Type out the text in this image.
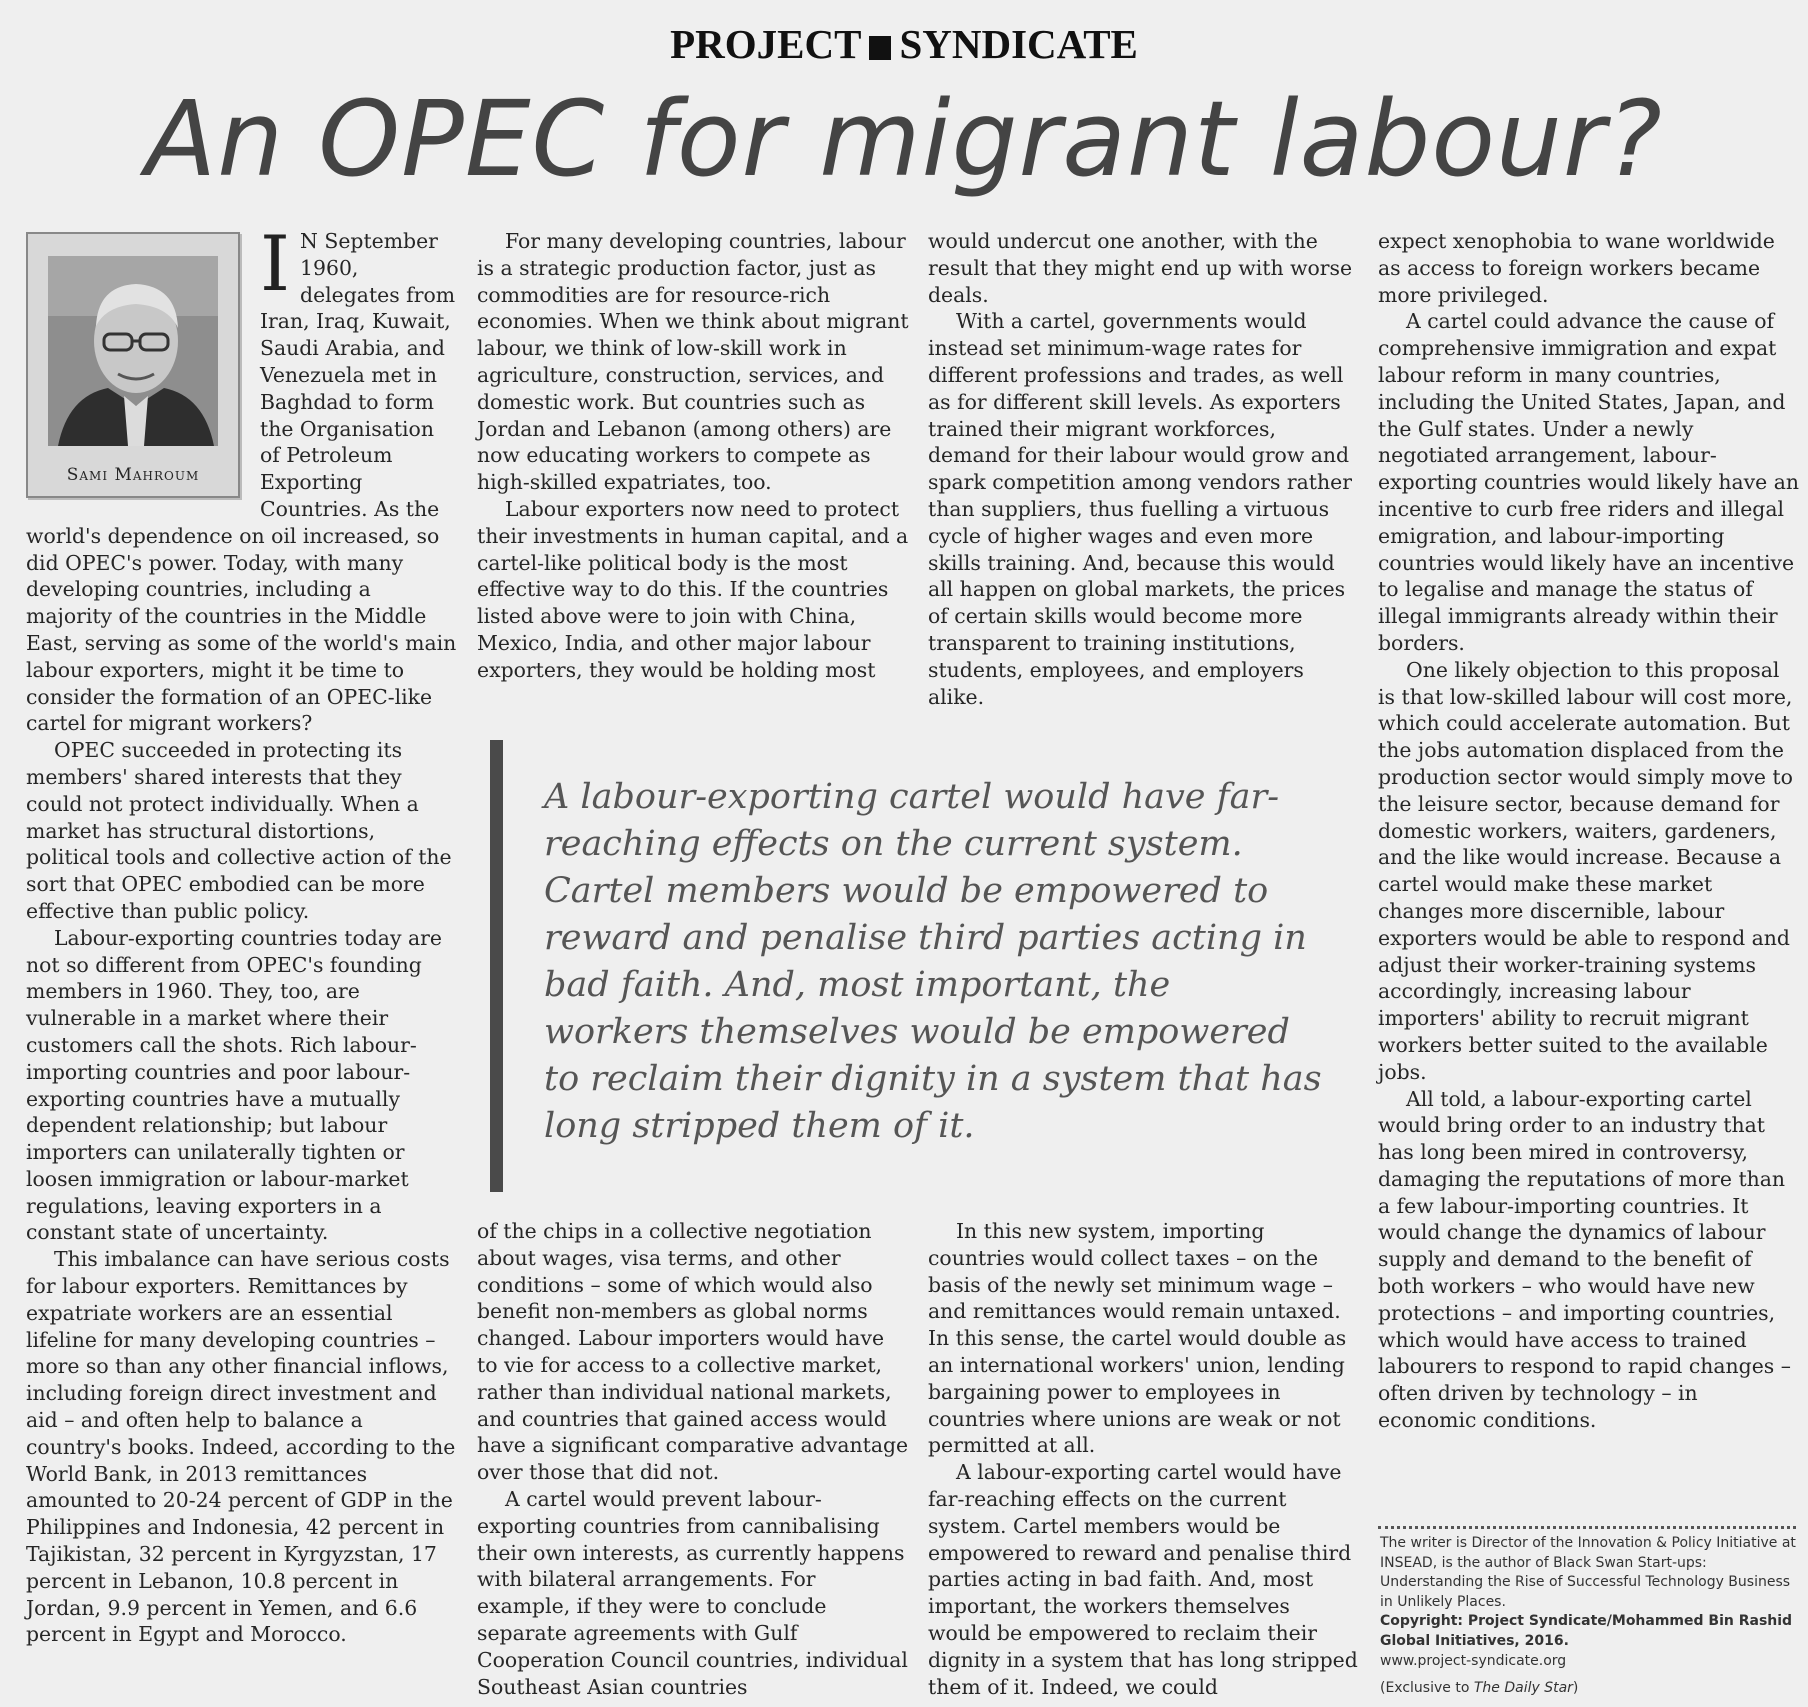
PROJECT SYNDICATE
An OPEC for migrant labour?
Sami Mahroum
I N September 1960, delegates from Iran, Iraq, Kuwait, Saudi Arabia, and Venezuela met in Baghdad to form the Organisation of Petroleum Exporting Countries. As the world's dependence on oil increased, so did OPEC's power. Today, with many developing countries, including a majority of the countries in the Middle East, serving as some of the world's main labour exporters, might it be time to consider the formation of an OPEC-like cartel for migrant workers?

OPEC succeeded in protecting its members' shared interests that they could not protect individually. When a market has structural distortions, political tools and collective action of the sort that OPEC embodied can be more effective than public policy.

Labour-exporting countries today are not so different from OPEC's founding members in 1960. They, too, are vulnerable in a market where their customers call the shots. Rich labour-importing countries and poor labour-exporting countries have a mutually dependent relationship; but labour importers can unilaterally tighten or loosen immigration or labour-market regulations, leaving exporters in a constant state of uncertainty.

This imbalance can have serious costs for labour exporters. Remittances by expatriate workers are an essential lifeline for many developing countries – more so than any other financial inflows, including foreign direct investment and aid – and often help to balance a country's books. Indeed, according to the World Bank, in 2013 remittances amounted to 20-24 percent of GDP in the Philippines and Indonesia, 42 percent in Tajikistan, 32 percent in Kyrgyzstan, 17 percent in Lebanon, 10.8 percent in Jordan, 9.9 percent in Yemen, and 6.6 percent in Egypt and Morocco.

For many developing countries, labour is a strategic production factor, just as commodities are for resource-rich economies. When we think about migrant labour, we think of low-skill work in agriculture, construction, services, and domestic work. But countries such as Jordan and Lebanon (among others) are now educating workers to compete as high-skilled expatriates, too.

Labour exporters now need to protect their investments in human capital, and a cartel-like political body is the most effective way to do this. If the countries listed above were to join with China, Mexico, India, and other major labour exporters, they would be holding most

would undercut one another, with the result that they might end up with worse deals.

With a cartel, governments would instead set minimum-wage rates for different professions and trades, as well as for different skill levels. As exporters trained their migrant workforces, demand for their labour would grow and spark competition among vendors rather than suppliers, thus fuelling a virtuous cycle of higher wages and even more skills training. And, because this would all happen on global markets, the prices of certain skills would become more transparent to training institutions, students, employees, and employers alike.

A labour-exporting cartel would have far-reaching effects on the current system. Cartel members would be empowered to reward and penalise third parties acting in bad faith. And, most important, the workers themselves would be empowered to reclaim their dignity in a system that has long stripped them of it.

of the chips in a collective negotiation about wages, visa terms, and other conditions – some of which would also benefit non-members as global norms changed. Labour importers would have to vie for access to a collective market, rather than individual national markets, and countries that gained access would have a significant comparative advantage over those that did not.

A cartel would prevent labour-exporting countries from cannibalising their own interests, as currently happens with bilateral arrangements. For example, if they were to conclude separate agreements with Gulf Cooperation Council countries, individual Southeast Asian countries

In this new system, importing countries would collect taxes – on the basis of the newly set minimum wage – and remittances would remain untaxed. In this sense, the cartel would double as an international workers' union, lending bargaining power to employees in countries where unions are weak or not permitted at all.

A labour-exporting cartel would have far-reaching effects on the current system. Cartel members would be empowered to reward and penalise third parties acting in bad faith. And, most important, the workers themselves would be empowered to reclaim their dignity in a system that has long stripped them of it. Indeed, we could

expect xenophobia to wane worldwide as access to foreign workers became more privileged.

A cartel could advance the cause of comprehensive immigration and expat labour reform in many countries, including the United States, Japan, and the Gulf states. Under a newly negotiated arrangement, labour-exporting countries would likely have an incentive to curb free riders and illegal emigration, and labour-importing countries would likely have an incentive to legalise and manage the status of illegal immigrants already within their borders.

One likely objection to this proposal is that low-skilled labour will cost more, which could accelerate automation. But the jobs automation displaced from the production sector would simply move to the leisure sector, because demand for domestic workers, waiters, gardeners, and the like would increase. Because a cartel would make these market changes more discernible, labour exporters would be able to respond and adjust their worker-training systems accordingly, increasing labour importers' ability to recruit migrant workers better suited to the available jobs.

All told, a labour-exporting cartel would bring order to an industry that has long been mired in controversy, damaging the reputations of more than a few labour-importing countries. It would change the dynamics of labour supply and demand to the benefit of both workers – who would have new protections – and importing countries, which would have access to trained labourers to respond to rapid changes – often driven by technology – in economic conditions.

The writer is Director of the Innovation & Policy Initiative at INSEAD, is the author of Black Swan Start-ups: Understanding the Rise of Successful Technology Business in Unlikely Places.
Copyright: Project Syndicate/Mohammed Bin Rashid Global Initiatives, 2016.
www.project-syndicate.org
(Exclusive to The Daily Star)
